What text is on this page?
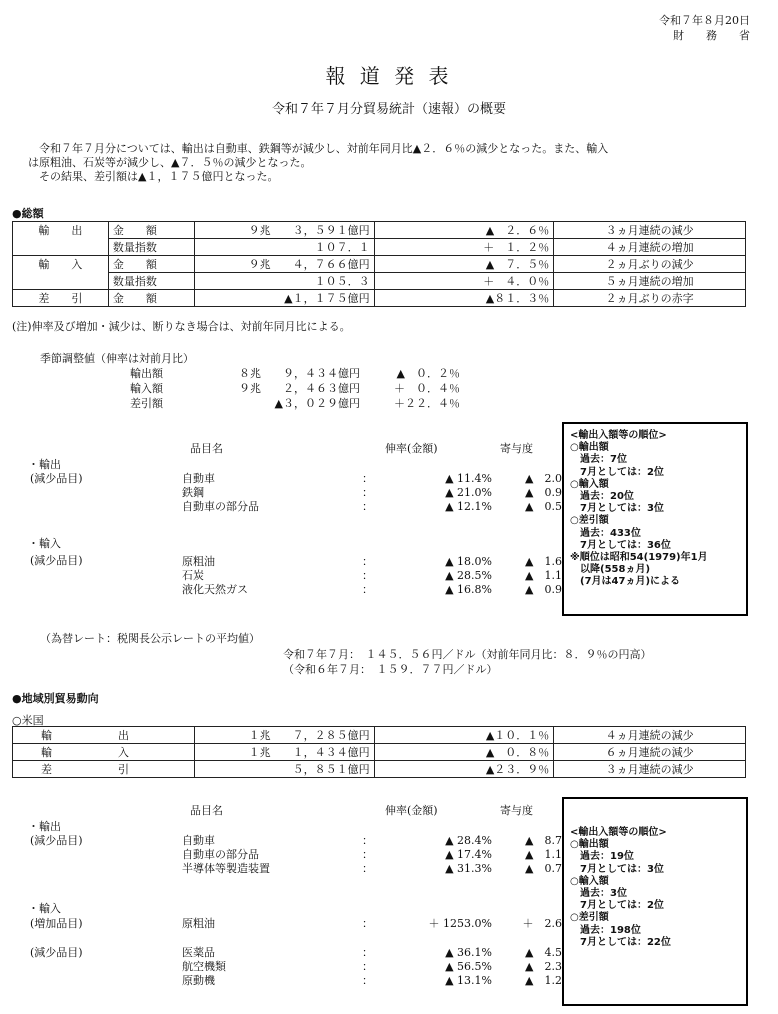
令和７年８月20日
財　　務　　省
報 道 発 表
令和７年７月分貿易統計（速報）の概要
令和７年７月分については、輸出は自動車、鉄鋼等が減少し、対前年同月比▲２．６％の減少となった。また、輸入
は原粗油、石炭等が減少し、▲７．５％の減少となった。
その結果、差引額は▲１，１７５億円となった。
●総額
輸　　出	金　　額	９兆　　３，５９１億円	▲　２．６％	３ヵ月連続の減少
	数量指数	１０７．１	＋　１．２％	４ヵ月連続の増加
輸　　入	金　　額	９兆　　４，７６６億円	▲　７．５％	２ヵ月ぶりの減少
	数量指数	１０５．３	＋　４．０％	５ヵ月連続の増加
差　　引	金　　額	▲１，１７５億円	▲８１．３％	２ヵ月ぶりの赤字
(注)伸率及び増加・減少は、断りなき場合は、対前年同月比による。
季節調整値（伸率は対前月比）
輸出額	８兆　　９，４３４億円	▲　０．２％
輸入額	９兆　　２，４６３億円	＋　０．４％
差引額	▲３，０２９億円	＋２２．４％
品目名	伸率(金額)	寄与度
・輸出
(減少品目)	自動車	：	▲ 11.4%	▲　2.0
鉄鋼	：	▲ 21.0%	▲　0.9
自動車の部分品	：	▲ 12.1%	▲　0.5
・輸入
(減少品目)	原粗油	：	▲ 18.0%	▲　1.6
石炭	：	▲ 28.5%	▲　1.1
液化天然ガス	：	▲ 16.8%	▲　0.9
<輸出入額等の順位>
○輸出額
　過去：7位
　7月としては：2位
○輸入額
　過去：20位
　7月としては：3位
○差引額
　過去：433位
　7月としては：36位
※順位は昭和54(1979)年1月
　以降(558ヵ月)
　(7月は47ヵ月)による
（為替レート：税関長公示レートの平均値）
令和７年７月：　１４５．５６円／ドル（対前年同月比：８．９％の円高）
（令和６年７月：　１５９．７７円／ドル）
●地域別貿易動向
○米国
輸　　　　　　出	１兆　　７，２８５億円	▲１０．１％	４ヵ月連続の減少
輸　　　　　　入	１兆　　１，４３４億円	▲　０．８％	６ヵ月連続の減少
差　　　　　　引	５，８５１億円	▲２３．９％	３ヵ月連続の減少
品目名	伸率(金額)	寄与度
・輸出
(減少品目)	自動車	：	▲ 28.4%	▲　8.7
自動車の部分品	：	▲ 17.4%	▲　1.1
半導体等製造装置	：	▲ 31.3%	▲　0.7
・輸入
(増加品目)	原粗油	：	＋ 1253.0%	＋　2.6
(減少品目)	医薬品	：	▲ 36.1%	▲　4.5
航空機類	：	▲ 56.5%	▲　2.3
原動機	：	▲ 13.1%	▲　1.2
<輸出入額等の順位>
○輸出額
　過去：19位
　7月としては：3位
○輸入額
　過去：3位
　7月としては：2位
○差引額
　過去：198位
　7月としては：22位
